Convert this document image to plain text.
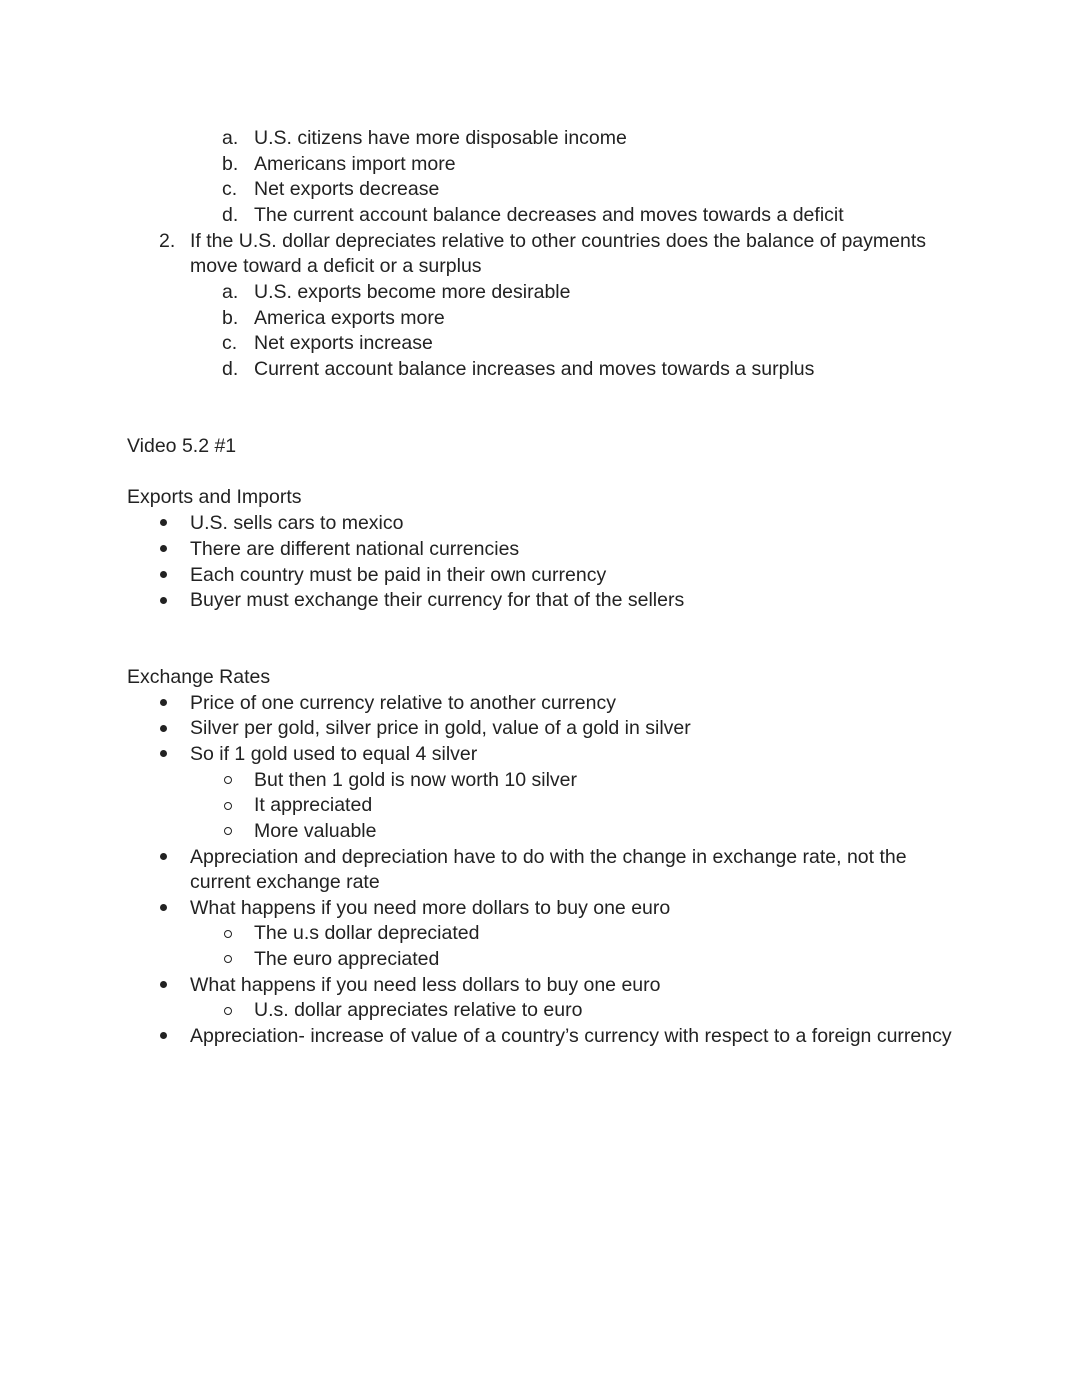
a. U.S. citizens have more disposable income
b. Americans import more
c. Net exports decrease
d. The current account balance decreases and moves towards a deficit
2. If the U.S. dollar depreciates relative to other countries does the balance of payments
move toward a deficit or a surplus
a. U.S. exports become more desirable
b. America exports more
c. Net exports increase
d. Current account balance increases and moves towards a surplus
Video 5.2 #1
Exports and Imports
U.S. sells cars to mexico
There are different national currencies
Each country must be paid in their own currency
Buyer must exchange their currency for that of the sellers
Exchange Rates
Price of one currency relative to another currency
Silver per gold, silver price in gold, value of a gold in silver
So if 1 gold used to equal 4 silver
But then 1 gold is now worth 10 silver
It appreciated
More valuable
Appreciation and depreciation have to do with the change in exchange rate, not the
current exchange rate
What happens if you need more dollars to buy one euro
The u.s dollar depreciated
The euro appreciated
What happens if you need less dollars to buy one euro
U.s. dollar appreciates relative to euro
Appreciation- increase of value of a country’s currency with respect to a foreign currency
